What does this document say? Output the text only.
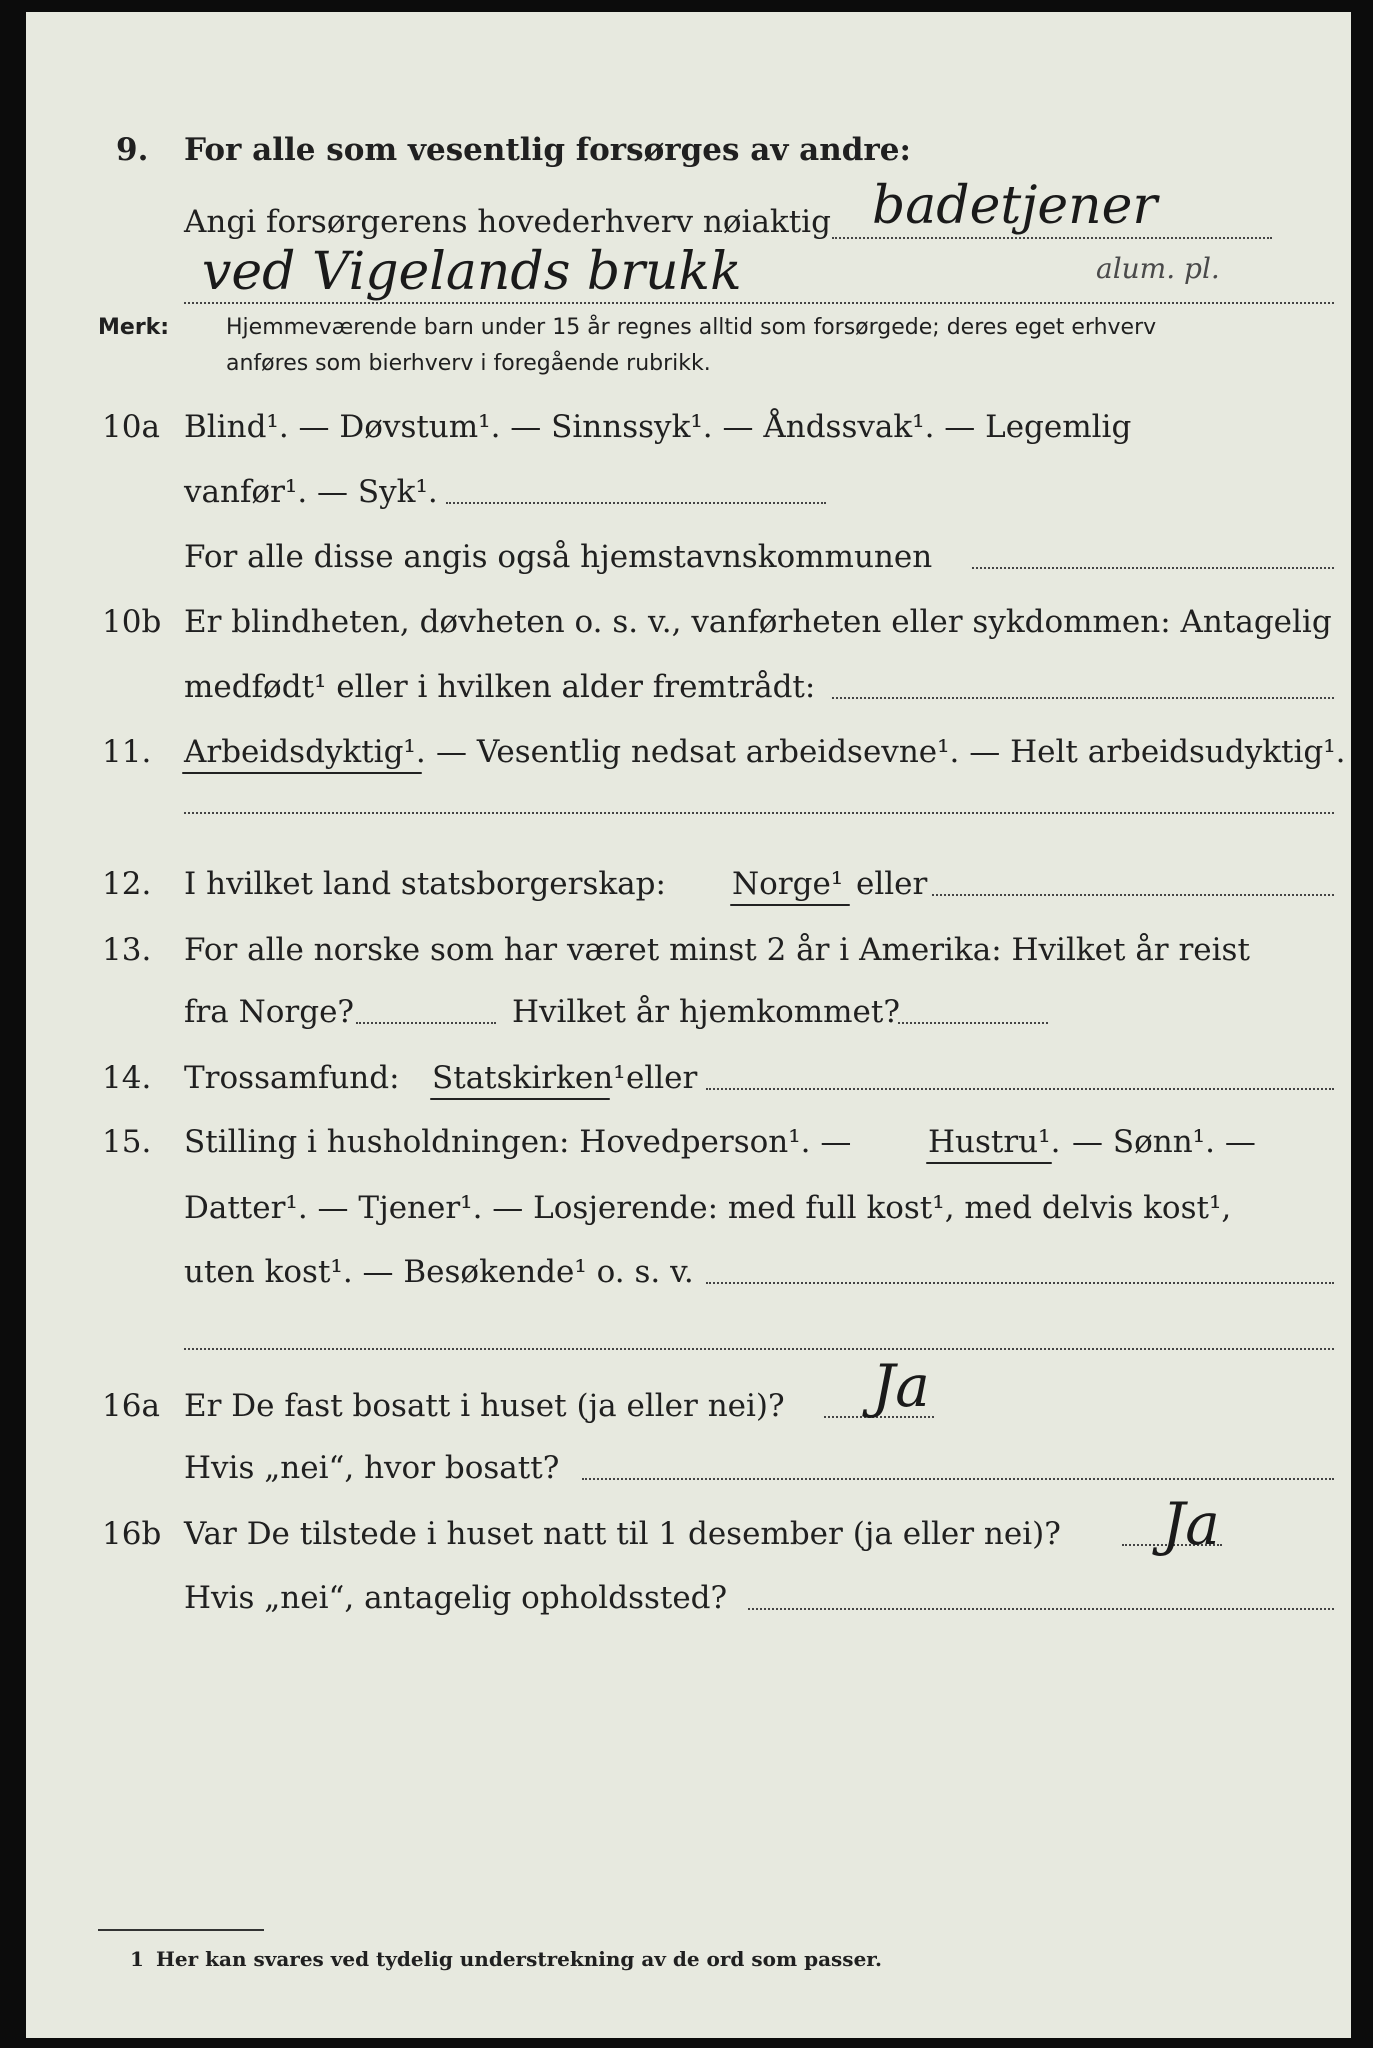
9. For alle som vesentlig forsørges av andre:
Angi forsørgerens hovederhverv nøiaktig badetjener
ved Vigelands brukk	alum. pl.
Merk:	Hjemmeværende barn under 15 år regnes alltid som forsørgede; deres eget erhverv
anføres som bierhverv i foregående rubrikk.
10a Blind¹. — Døvstum¹. — Sinnssyk¹. — Åndssvak¹. — Legemlig
vanfør¹. — Syk¹.
For alle disse angis også hjemstavnskommunen
10b Er blindheten, døvheten o. s. v., vanførheten eller sykdommen: Antagelig
medfødt¹ eller i hvilken alder fremtrådt:
11. Arbeidsdyktig¹. — Vesentlig nedsat arbeidsevne¹. — Helt arbeidsudyktig¹.
12. I hvilket land statsborgerskap: Norge¹ eller
13. For alle norske som har været minst 2 år i Amerika: Hvilket år reist
fra Norge?	Hvilket år hjemkommet?
14. Trossamfund: Statskirken¹ eller
15. Stilling i husholdningen: Hovedperson¹. — Hustru¹. — Sønn¹. —
Datter¹. — Tjener¹. — Losjerende: med full kost¹, med delvis kost¹,
uten kost¹. — Besøkende¹ o. s. v.
16a Er De fast bosatt i huset (ja eller nei)? Ja
Hvis „nei“, hvor bosatt?
16b Var De tilstede i huset natt til 1 desember (ja eller nei)? Ja
Hvis „nei“, antagelig opholdssted?
1 Her kan svares ved tydelig understrekning av de ord som passer.
